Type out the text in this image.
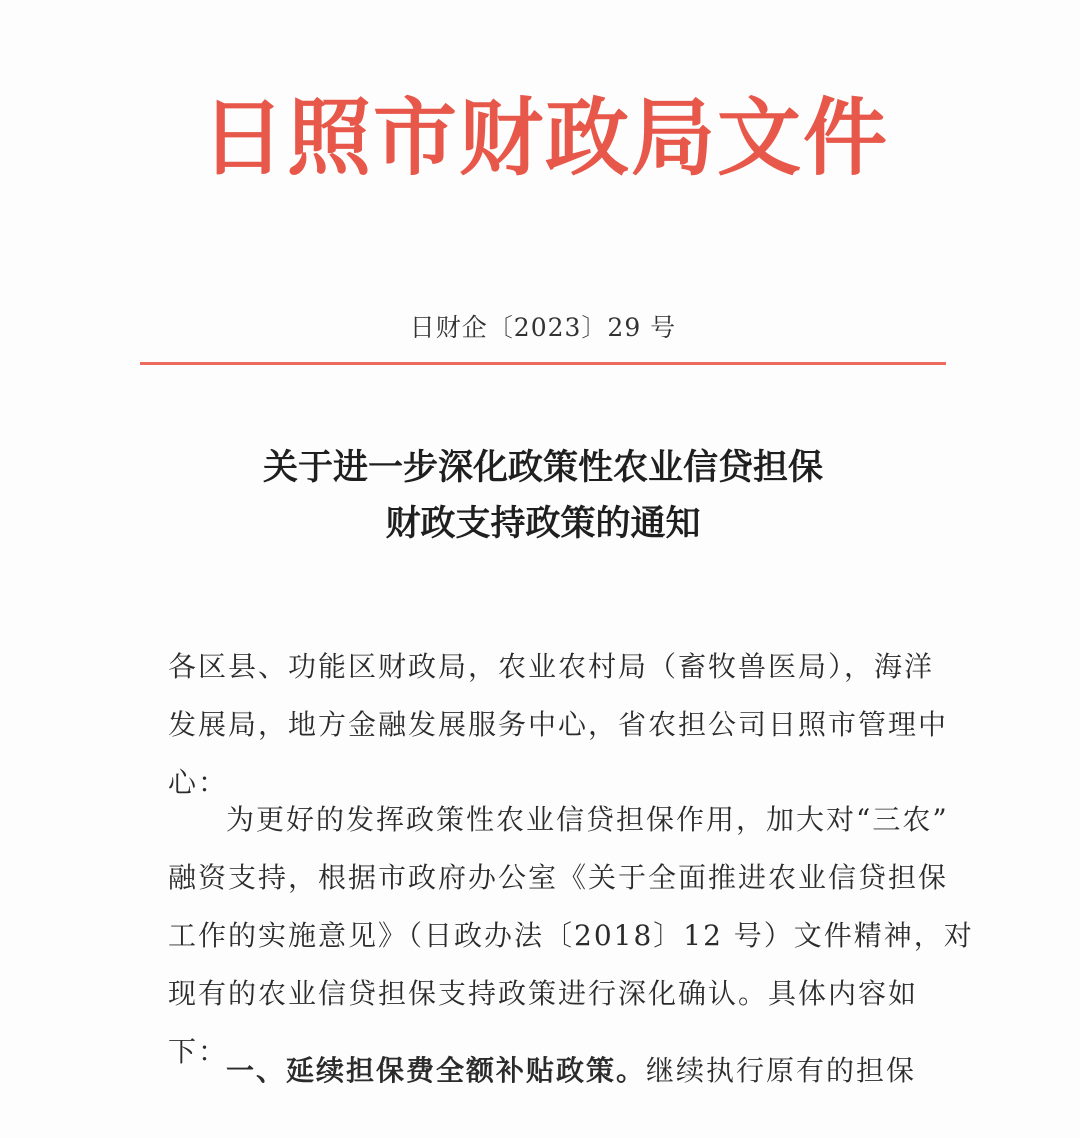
日照市财政局文件
日财企〔2023〕29 号
关于进一步深化政策性农业信贷担保
财政支持政策的通知
各区县、功能区财政局，农业农村局（畜牧兽医局），海洋
发展局，地方金融发展服务中心，省农担公司日照市管理中
心：
为更好的发挥政策性农业信贷担保作用，加大对“三农”
融资支持，根据市政府办公室《关于全面推进农业信贷担保
工作的实施意见》（日政办法〔2018〕12 号）文件精神，对
现有的农业信贷担保支持政策进行深化确认。具体内容如
下：
一、延续担保费全额补贴政策。继续执行原有的担保
